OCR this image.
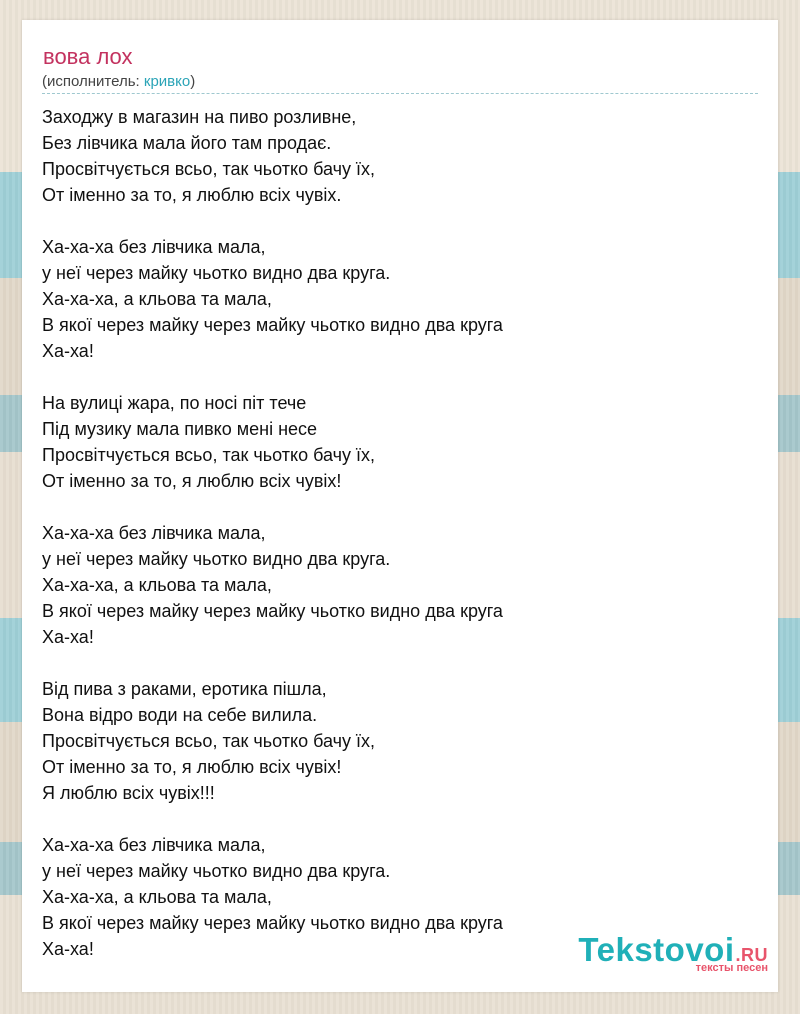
вова лох
(исполнитель: кривко)
Заходжу в магазин на пиво розливне,
Без лівчика мала його там продає.
Просвітчується всьо, так чьотко бачу їх,
От іменно за то, я люблю всіх чувіх.
Ха-ха-ха без лівчика мала,
у неї через майку чьотко видно два круга.
Ха-ха-ха, а кльова та мала,
В якої через майку через майку чьотко видно два круга
Ха-ха!
На вулиці жара, по носі піт тече
Під музику мала пивко мені несе
Просвітчується всьо, так чьотко бачу їх,
От іменно за то, я люблю всіх чувіх!
Ха-ха-ха без лівчика мала,
у неї через майку чьотко видно два круга.
Ха-ха-ха, а кльова та мала,
В якої через майку через майку чьотко видно два круга
Ха-ха!
Від пива з раками, еротика пішла,
Вона відро води на себе вилила.
Просвітчується всьо, так чьотко бачу їх,
От іменно за то, я люблю всіх чувіх!
Я люблю всіх чувіх!!!
Ха-ха-ха без лівчика мала,
у неї через майку чьотко видно два круга.
Ха-ха-ха, а кльова та мала,
В якої через майку через майку чьотко видно два круга
Ха-ха!	Tekstovoi.RU
тексты песен
